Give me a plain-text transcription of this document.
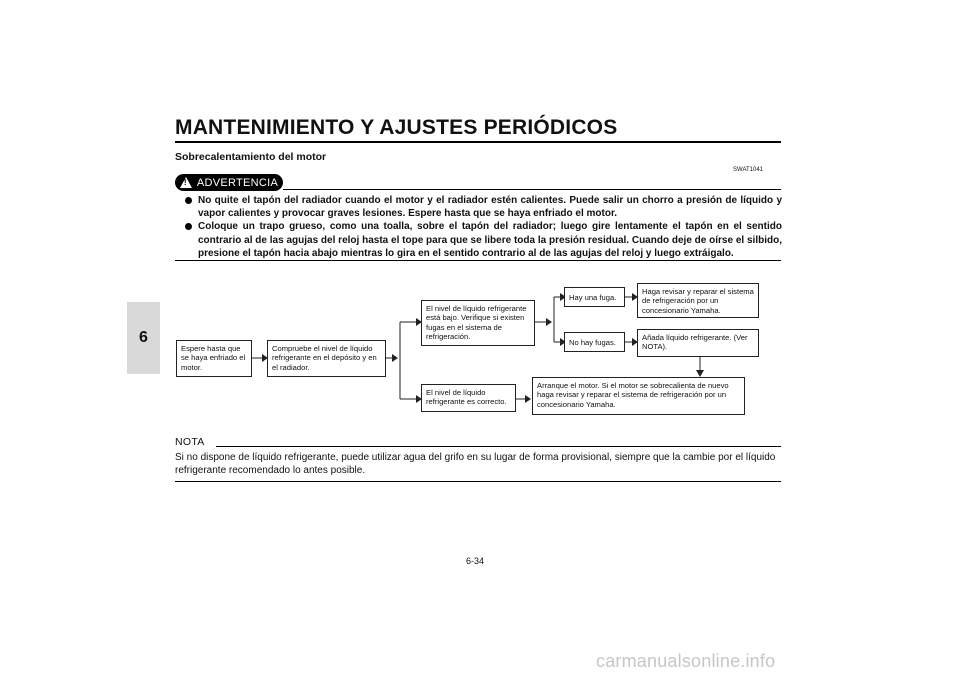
MANTENIMIENTO Y AJUSTES PERIÓDICOS
6
Sobrecalentamiento del motor
SWAT1041
!
ADVERTENCIA
No quite el tapón del radiador cuando el motor y el radiador estén calientes. Puede salir un chorro a presión de líquido y vapor calientes y provocar graves lesiones. Espere hasta que se haya enfriado el motor.
Coloque un trapo grueso, como una toalla, sobre el tapón del radiador; luego gire lentamente el tapón en el sentido contrario al de las agujas del reloj hasta el tope para que se libere toda la presión residual. Cuando deje de oírse el silbido, presione el tapón hacia abajo mientras lo gira en el sentido contrario al de las agujas del reloj y luego extráigalo.
Espere hasta que se haya enfriado el motor.
Compruebe el nivel de líquido refrigerante en el depósito y en el radiador.
El nivel de líquido refrigerante está bajo. Verifique si existen fugas en el sistema de refrigeración.
El nivel de líquido refrigerante es correcto.
Hay una fuga.
No hay fugas.
Haga revisar y reparar el sistema de refrigeración por un concesionario Yamaha.
Añada líquido refrigerante. (Ver NOTA).
Arranque el motor. Si el motor se sobrecalienta de nuevo haga revisar y reparar el sistema de refrigeración por un concesionario Yamaha.
NOTA
Si no dispone de líquido refrigerante, puede utilizar agua del grifo en su lugar de forma provisional, siempre que la cambie por el líquido refrigerante recomendado lo antes posible.
6-34
carmanualsonline.info
